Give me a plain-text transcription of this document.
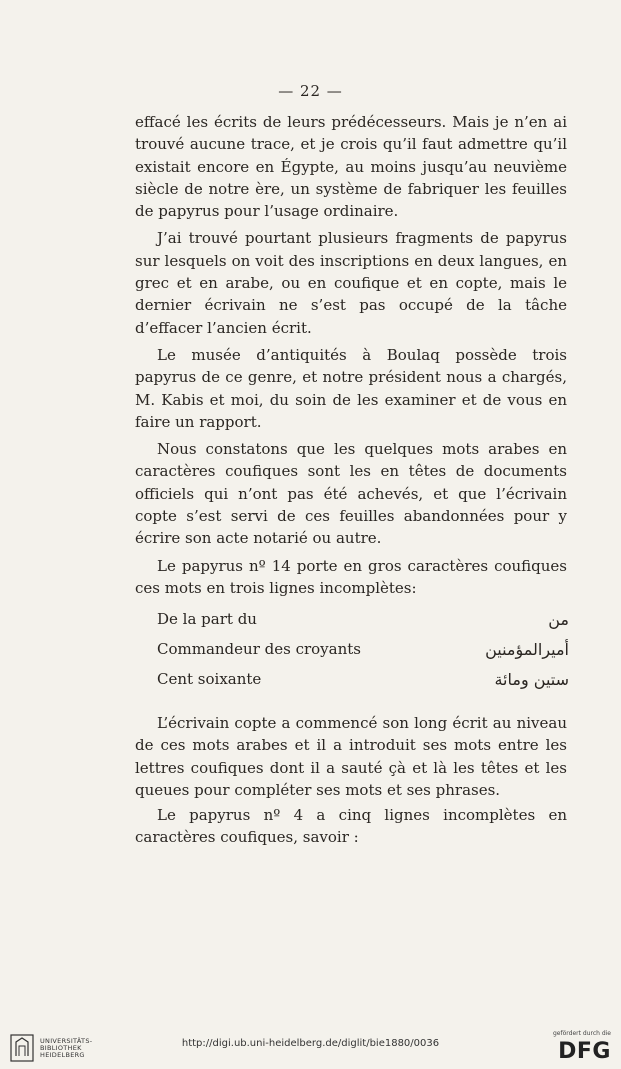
— 22 —

effacé les écrits de leurs prédécesseurs. Mais je n’en ai trouvé aucune trace, et je crois qu’il faut admettre qu’il existait encore en Égypte, au moins jusqu’au neuvième siècle de notre ère, un système de fabriquer les feuilles de papyrus pour l’usage ordinaire.

J’ai trouvé pourtant plusieurs fragments de papyrus sur lesquels on voit des inscriptions en deux langues, en grec et en arabe, ou en coufique et en copte, mais le dernier écrivain ne s’est pas occupé de la tâche d’effacer l’ancien écrit.

Le musée d’antiquités à Boulaq possède trois papyrus de ce genre, et notre président nous a chargés, M. Kabis et moi, du soin de les examiner et de vous en faire un rapport.

Nous constatons que les quelques mots arabes en caractères coufiques sont les en têtes de documents officiels qui n’ont pas été achevés, et que l’écrivain copte s’est servi de ces feuilles abandonnées pour y écrire son acte notarié ou autre.

Le papyrus nº 14 porte en gros caractères coufiques ces mots en trois lignes incomplètes:

De la part du	من
Commandeur des croyants	أميرالمؤمنين
Cent soixante	ستين ومائة

L’écrivain copte a commencé son long écrit au niveau de ces mots arabes et il a introduit ses mots entre les lettres coufiques dont il a sauté çà et là les têtes et les queues pour compléter ses mots et ses phrases.

Le papyrus nº 4 a cinq lignes incomplètes en caractères coufiques, savoir :

UNIVERSITÄTS-
BIBLIOTHEK
HEIDELBERG
http://digi.ub.uni-heidelberg.de/diglit/bie1880/0036
gefördert durch die
DFG
